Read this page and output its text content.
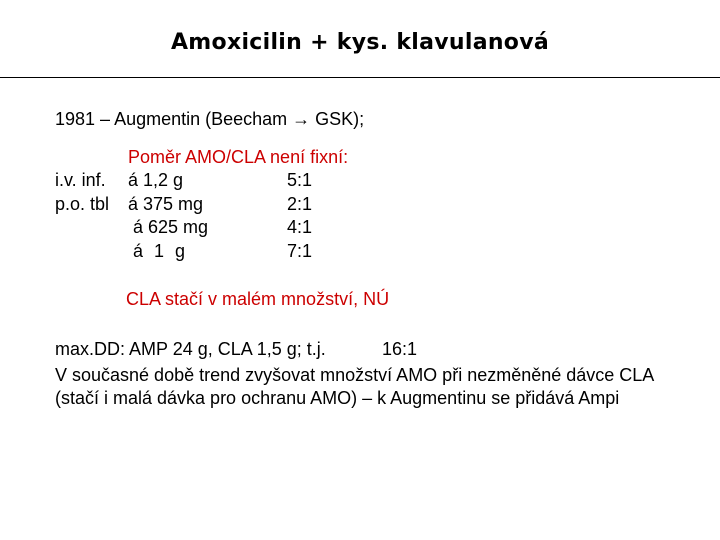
Amoxicilin + kys. klavulanová
1981 – Augmentin (Beecham → GSK);
Poměr AMO/CLA není fixní:
i.v. inf. á 1,2 g	5:1
p.o. tbl á 375 mg	2:1
á 625 mg	4:1
á 1 g	7:1
CLA stačí v malém množství, NÚ
max.DD: AMP 24 g, CLA 1,5 g; t.j.	16:1
V současné době trend zvyšovat množství AMO při nezměněné dávce CLA (stačí i malá dávka pro ochranu AMO) – k Augmentinu se přidává Ampi
